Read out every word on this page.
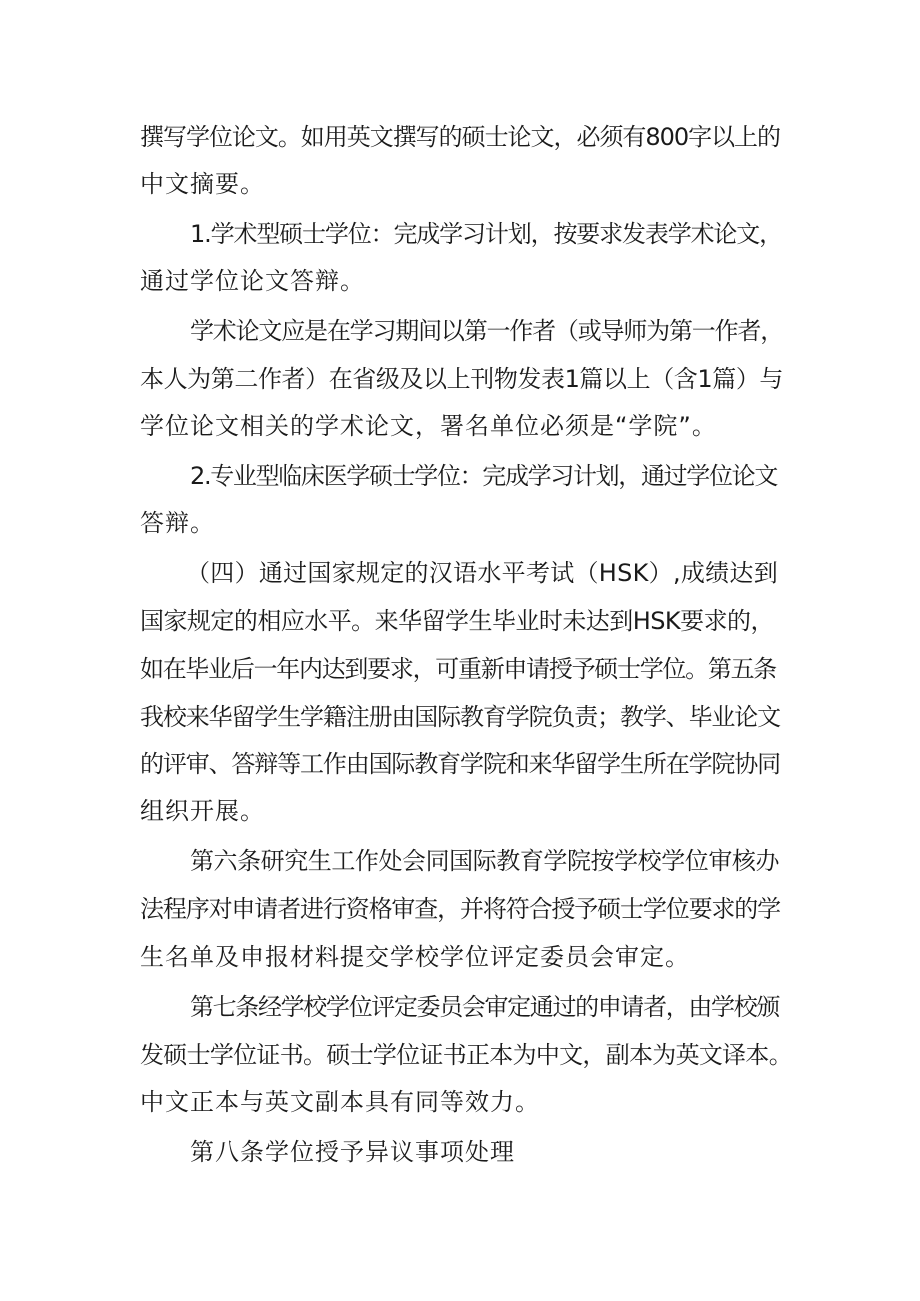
撰写学位论文。如用英文撰写的硕士论文，必须有800字以上的
中文摘要。
1.学术型硕士学位：完成学习计划，按要求发表学术论文，
通过学位论文答辩。
学术论文应是在学习期间以第一作者（或导师为第一作者，
本人为第二作者）在省级及以上刊物发表1篇以上（含1篇）与
学位论文相关的学术论文，署名单位必须是“学院”。
2.专业型临床医学硕士学位：完成学习计划，通过学位论文
答辩。
（四）通过国家规定的汉语水平考试（HSK）,成绩达到
国家规定的相应水平。来华留学生毕业时未达到HSK要求的，
如在毕业后一年内达到要求，可重新申请授予硕士学位。第五条
我校来华留学生学籍注册由国际教育学院负责；教学、毕业论文
的评审、答辩等工作由国际教育学院和来华留学生所在学院协同
组织开展。
第六条研究生工作处会同国际教育学院按学校学位审核办
法程序对申请者进行资格审查，并将符合授予硕士学位要求的学
生名单及申报材料提交学校学位评定委员会审定。
第七条经学校学位评定委员会审定通过的申请者，由学校颁
发硕士学位证书。硕士学位证书正本为中文，副本为英文译本。
中文正本与英文副本具有同等效力。
第八条学位授予异议事项处理
